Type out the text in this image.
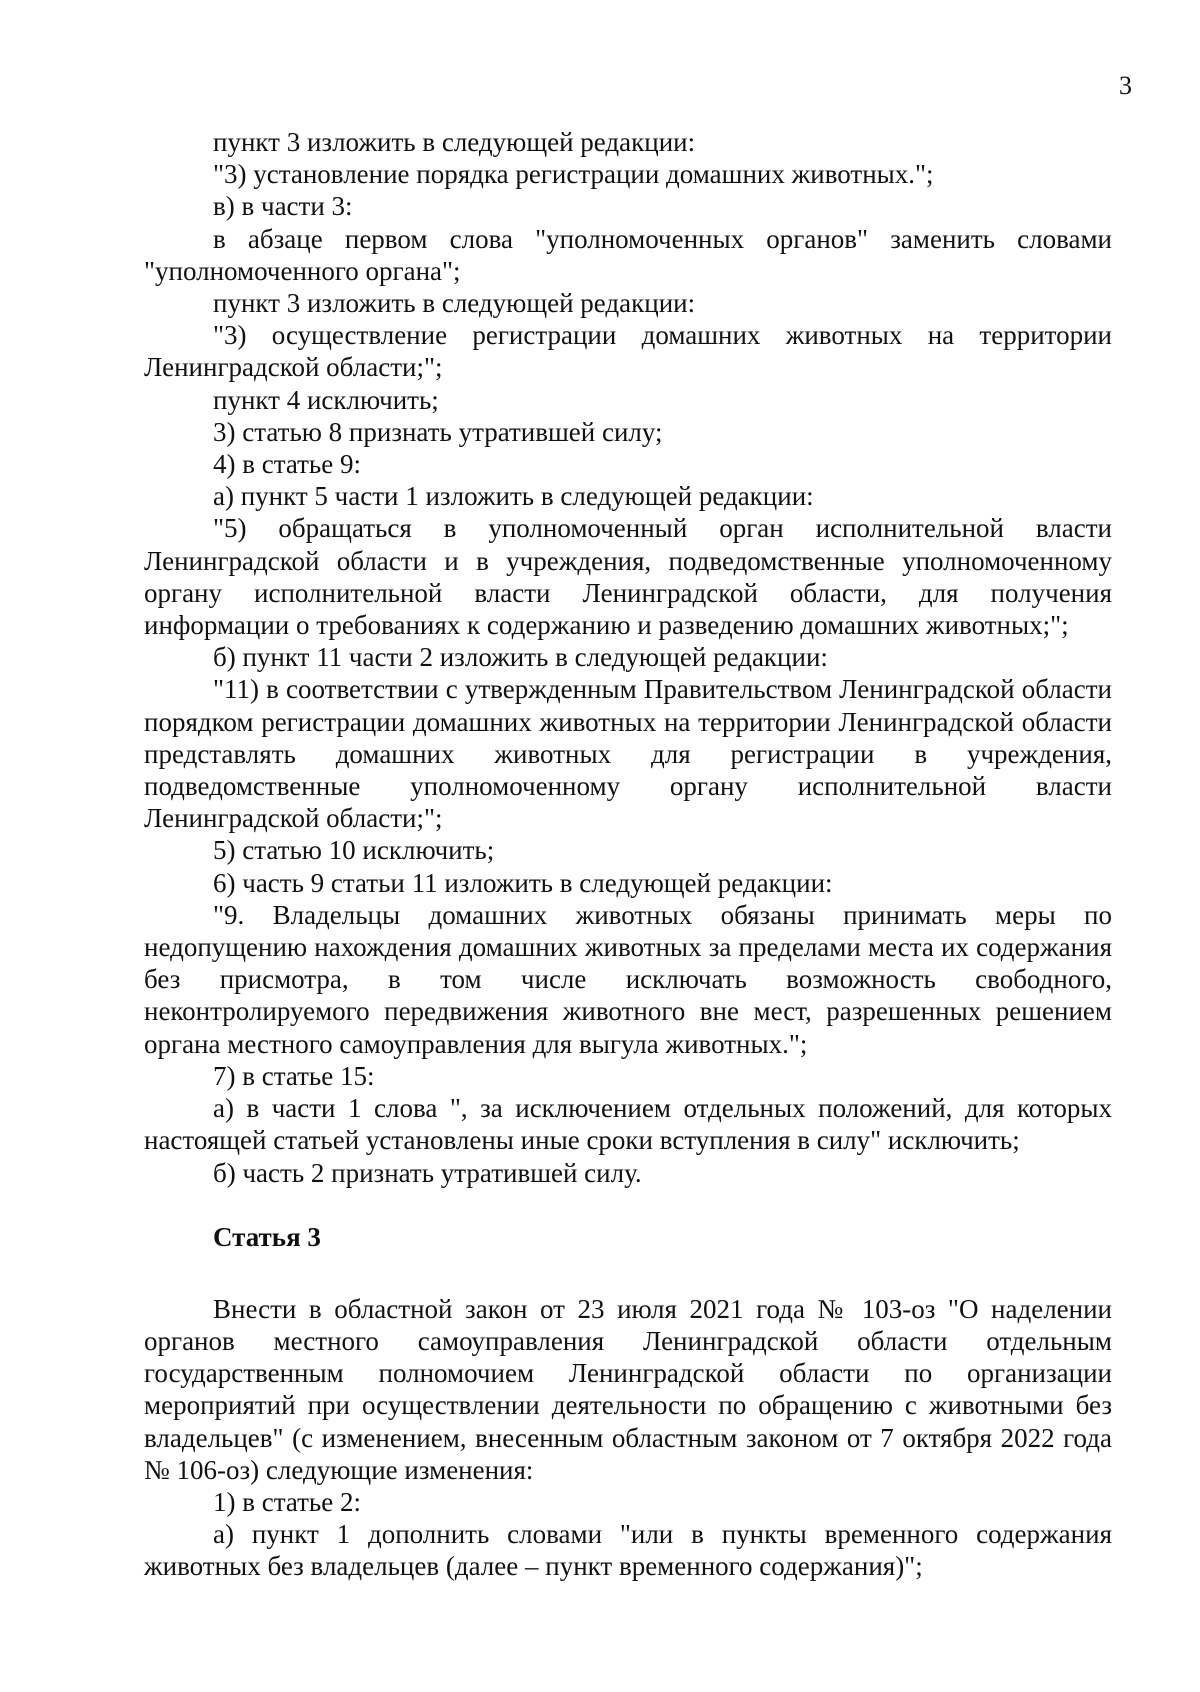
3

пункт 3 изложить в следующей редакции:

"3) установление порядка регистрации домашних животных.";

в) в части 3:

в абзаце первом слова "уполномоченных органов" заменить словами "уполномоченного органа";

пункт 3 изложить в следующей редакции:

"3) осуществление регистрации домашних животных на территории Ленинградской области;";

пункт 4 исключить;

3) статью 8 признать утратившей силу;

4) в статье 9:

а) пункт 5 части 1 изложить в следующей редакции:

"5) обращаться в уполномоченный орган исполнительной власти Ленинградской области и в учреждения, подведомственные уполномоченному органу исполнительной власти Ленинградской области, для получения информации о требованиях к содержанию и разведению домашних животных;";

б) пункт 11 части 2 изложить в следующей редакции:

"11) в соответствии с утвержденным Правительством Ленинградской области порядком регистрации домашних животных на территории Ленинградской области представлять домашних животных для регистрации в учреждения, подведомственные уполномоченному органу исполнительной власти Ленинградской области;";

5) статью 10 исключить;

6) часть 9 статьи 11 изложить в следующей редакции:

"9. Владельцы домашних животных обязаны принимать меры по недопущению нахождения домашних животных за пределами места их содержания без присмотра, в том числе исключать возможность свободного, неконтролируемого передвижения животного вне мест, разрешенных решением органа местного самоуправления для выгула животных.";

7) в статье 15:

а) в части 1 слова ", за исключением отдельных положений, для которых настоящей статьей установлены иные сроки вступления в силу" исключить;

б) часть 2 признать утратившей силу.

Статья 3

Внести в областной закон от 23 июля 2021 года № 103-оз "О наделении органов местного самоуправления Ленинградской области отдельным государственным полномочием Ленинградской области по организации мероприятий при осуществлении деятельности по обращению с животными без владельцев" (с изменением, внесенным областным законом от 7 октября 2022 года № 106-оз) следующие изменения:

1) в статье 2:

а) пункт 1 дополнить словами "или в пункты временного содержания животных без владельцев (далее – пункт временного содержания)";
